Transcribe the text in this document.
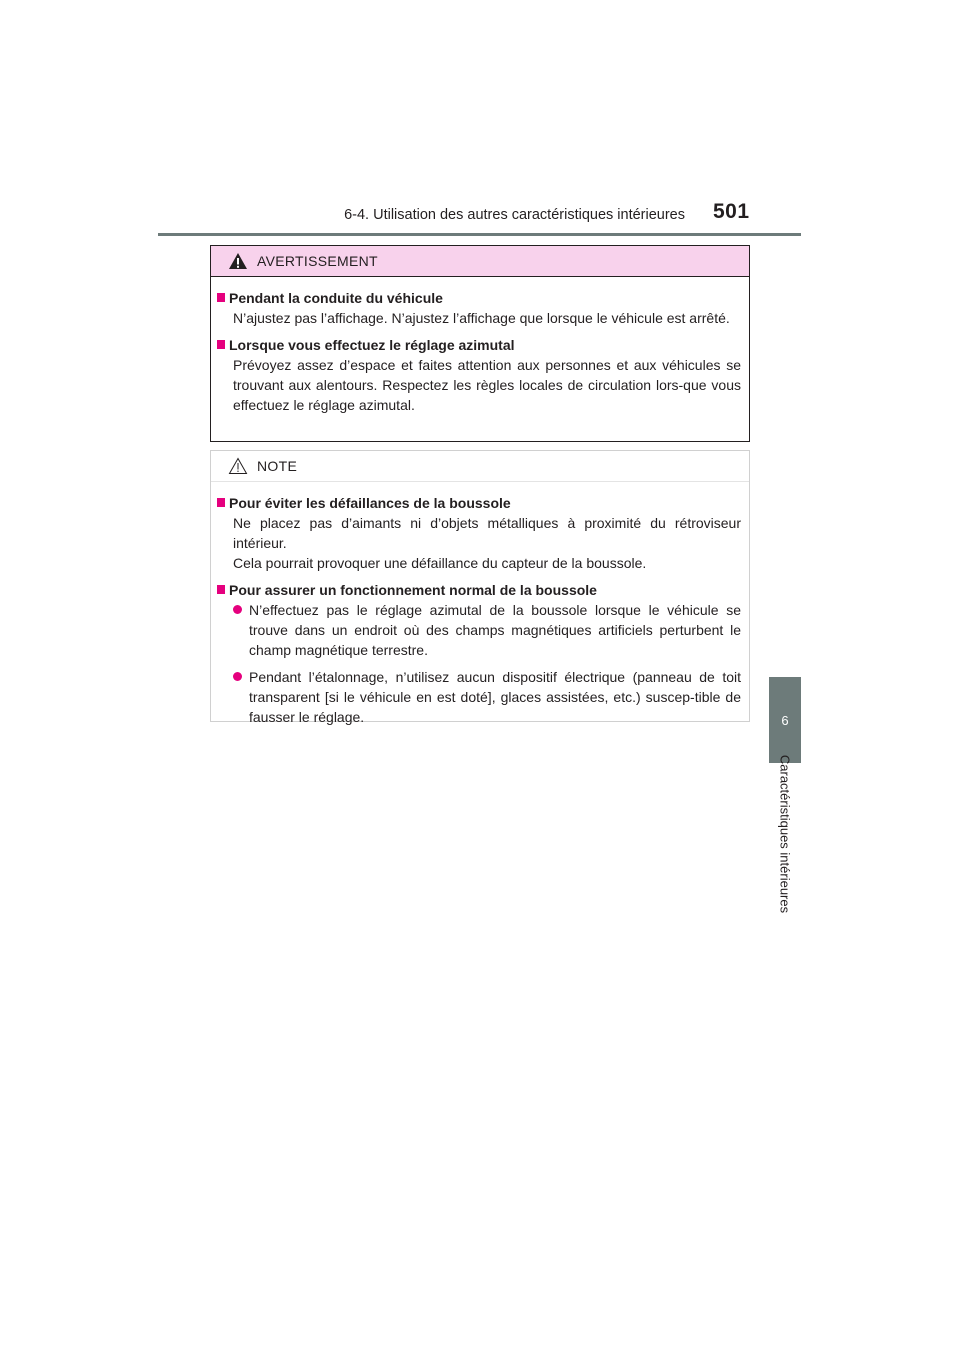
6-4. Utilisation des autres caractéristiques intérieures 501
6
Caractéristiques intérieures
AVERTISSEMENT
Pendant la conduite du véhicule
N’ajustez pas l’affichage. N’ajustez l’affichage que lorsque le véhicule est arrêté.
Lorsque vous effectuez le réglage azimutal
Prévoyez assez d’espace et faites attention aux personnes et aux véhicules se trouvant aux alentours. Respectez les règles locales de circulation lors-que vous effectuez le réglage azimutal.
NOTE
Pour éviter les défaillances de la boussole
Ne placez pas d’aimants ni d’objets métalliques à proximité du rétroviseur intérieur.
Cela pourrait provoquer une défaillance du capteur de la boussole.
Pour assurer un fonctionnement normal de la boussole
N’effectuez pas le réglage azimutal de la boussole lorsque le véhicule se trouve dans un endroit où des champs magnétiques artificiels perturbent le champ magnétique terrestre.
Pendant l’étalonnage, n’utilisez aucun dispositif électrique (panneau de toit transparent [si le véhicule en est doté], glaces assistées, etc.) suscep-tible de fausser le réglage.
